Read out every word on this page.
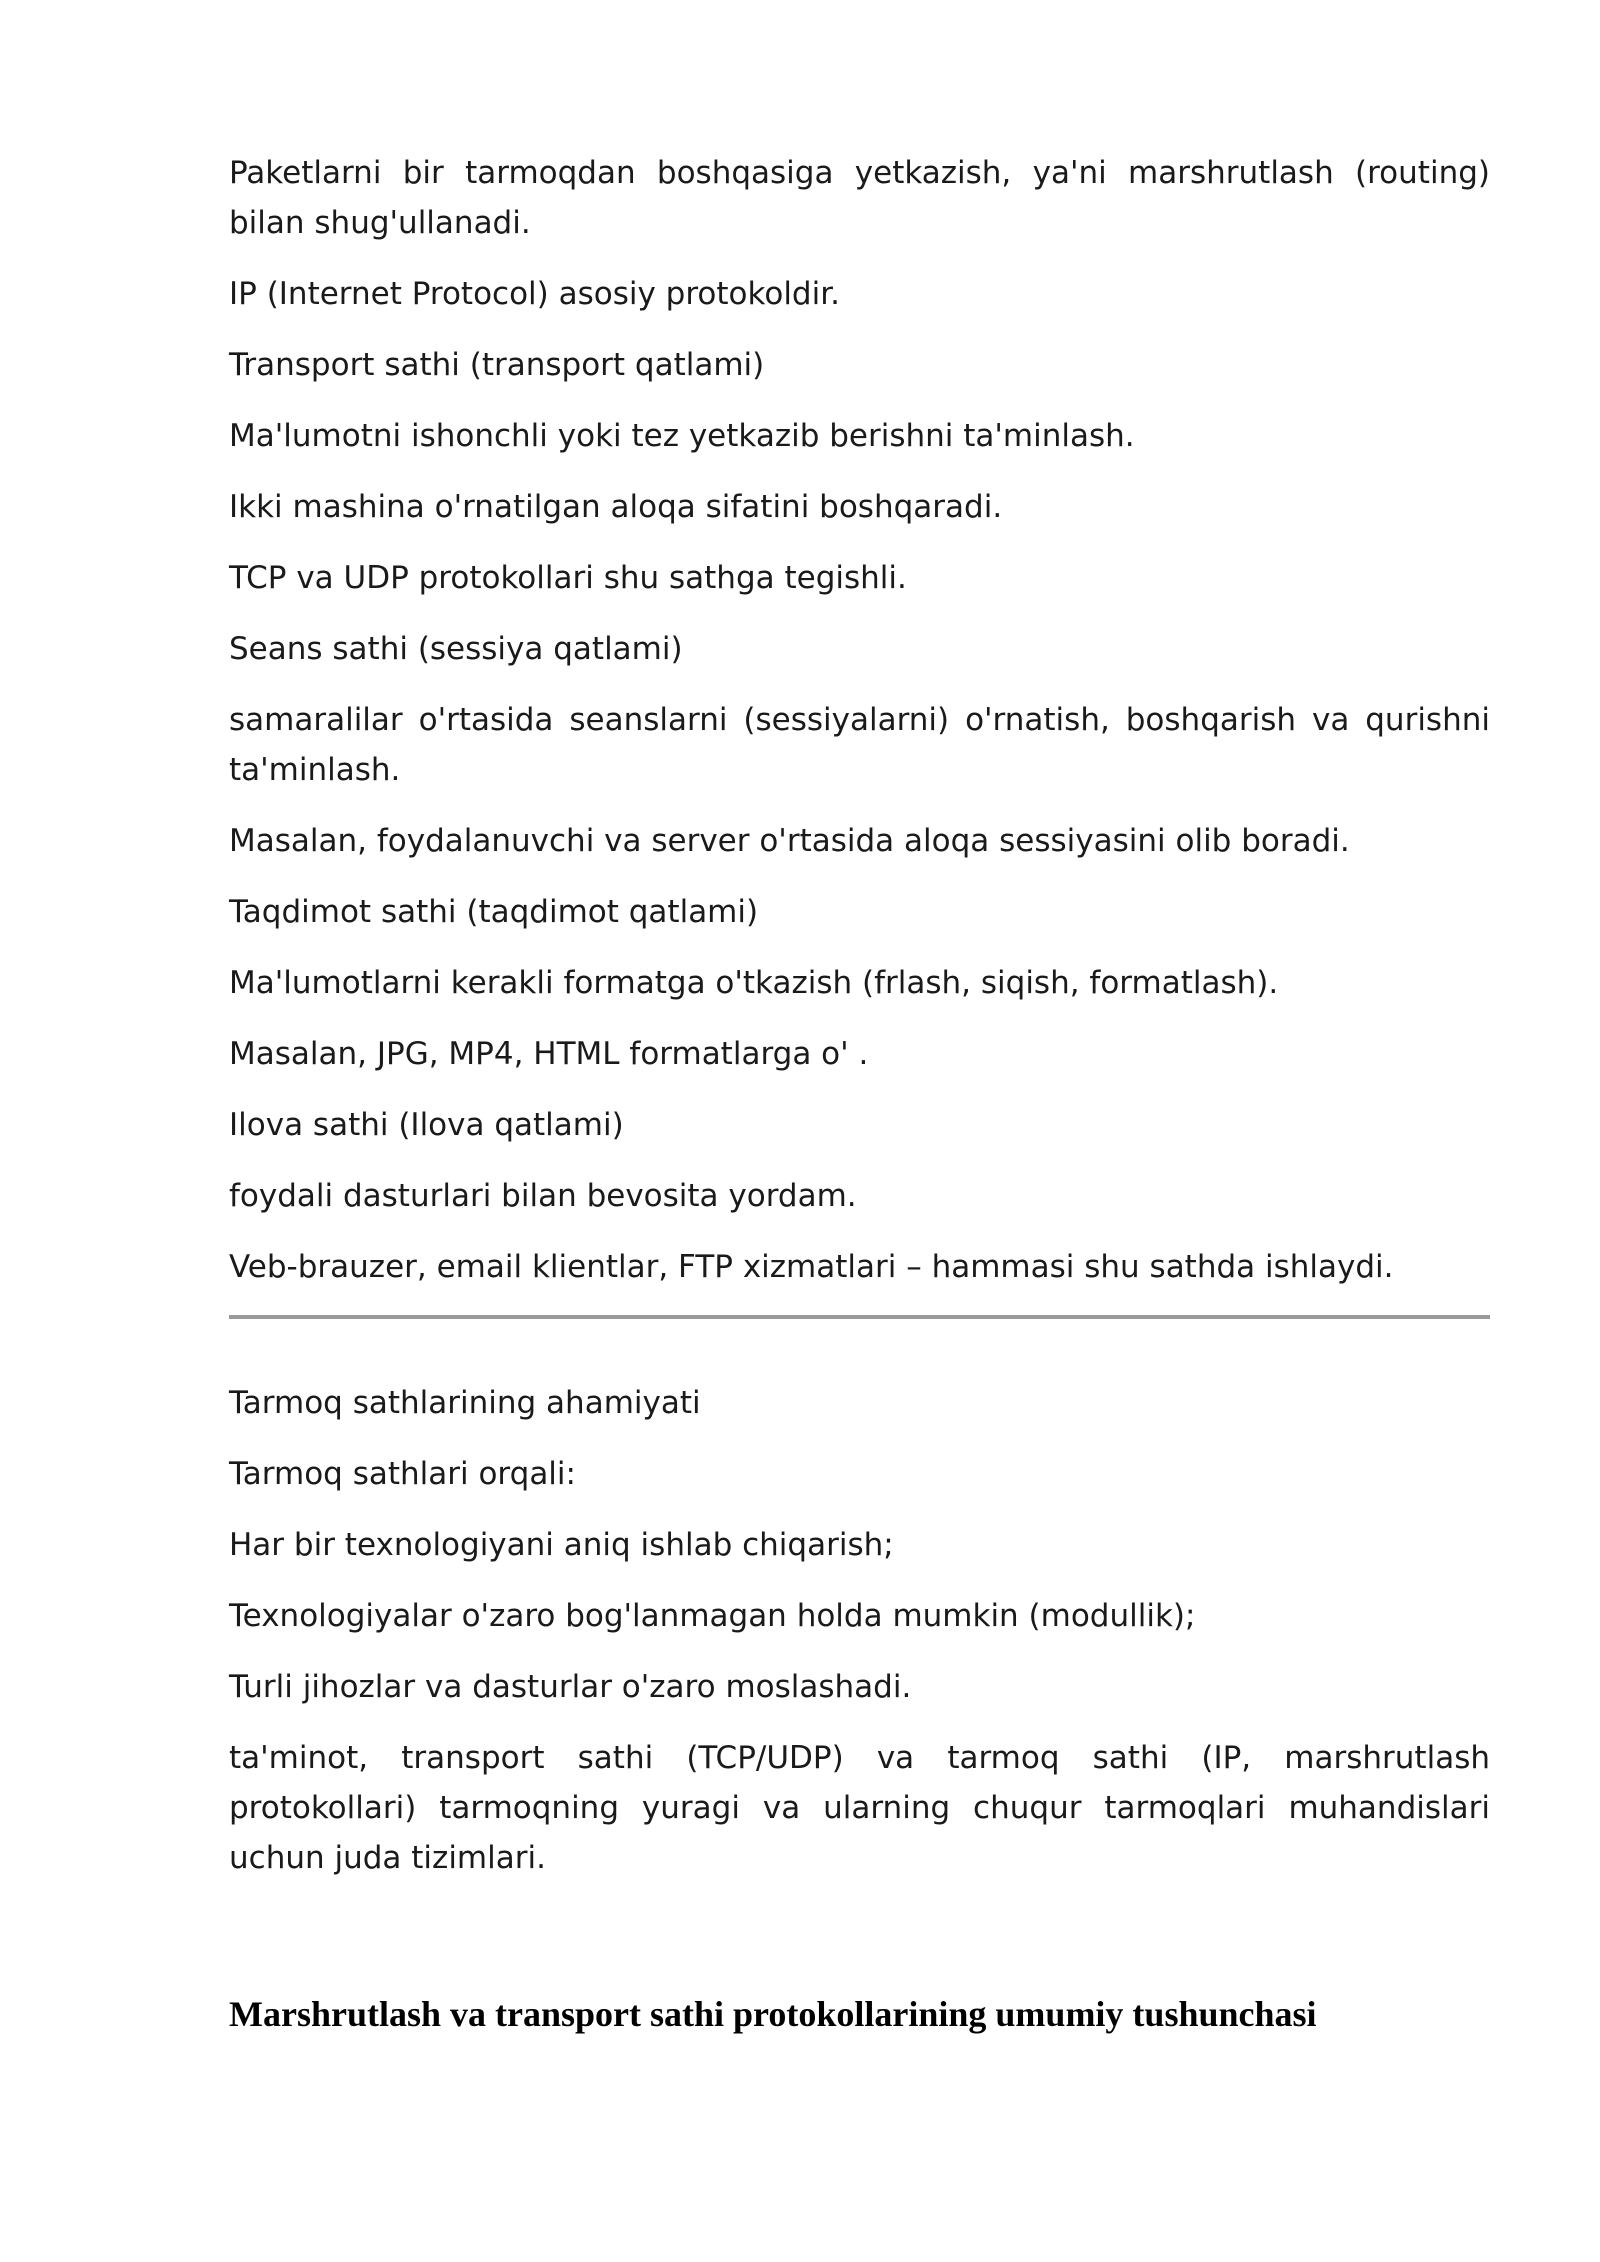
Paketlarni bir tarmoqdan boshqasiga yetkazish, ya'ni marshrutlash (routing) bilan shug'ullanadi.

IP (Internet Protocol) asosiy protokoldir.

Transport sathi (transport qatlami)

Ma'lumotni ishonchli yoki tez yetkazib berishni ta'minlash.

Ikki mashina o'rnatilgan aloqa sifatini boshqaradi.

TCP va UDP protokollari shu sathga tegishli.

Seans sathi (sessiya qatlami)

samaralilar o'rtasida seanslarni (sessiyalarni) o'rnatish, boshqarish va qurishni ta'minlash.

Masalan, foydalanuvchi va server o'rtasida aloqa sessiyasini olib boradi.

Taqdimot sathi (taqdimot qatlami)

Ma'lumotlarni kerakli formatga o'tkazish (frlash, siqish, formatlash).

Masalan, JPG, MP4, HTML formatlarga o' .

Ilova sathi (Ilova qatlami)

foydali dasturlari bilan bevosita yordam.

Veb-brauzer, email klientlar, FTP xizmatlari – hammasi shu sathda ishlaydi.

Tarmoq sathlarining ahamiyati

Tarmoq sathlari orqali:

Har bir texnologiyani aniq ishlab chiqarish;

Texnologiyalar o'zaro bog'lanmagan holda mumkin (modullik);

Turli jihozlar va dasturlar o'zaro moslashadi.

ta'minot, transport sathi (TCP/UDP) va tarmoq sathi (IP, marshrutlash protokollari) tarmoqning yuragi va ularning chuqur tarmoqlari muhandislari uchun juda tizimlari.

Marshrutlash va transport sathi protokollarining umumiy tushunchasi
